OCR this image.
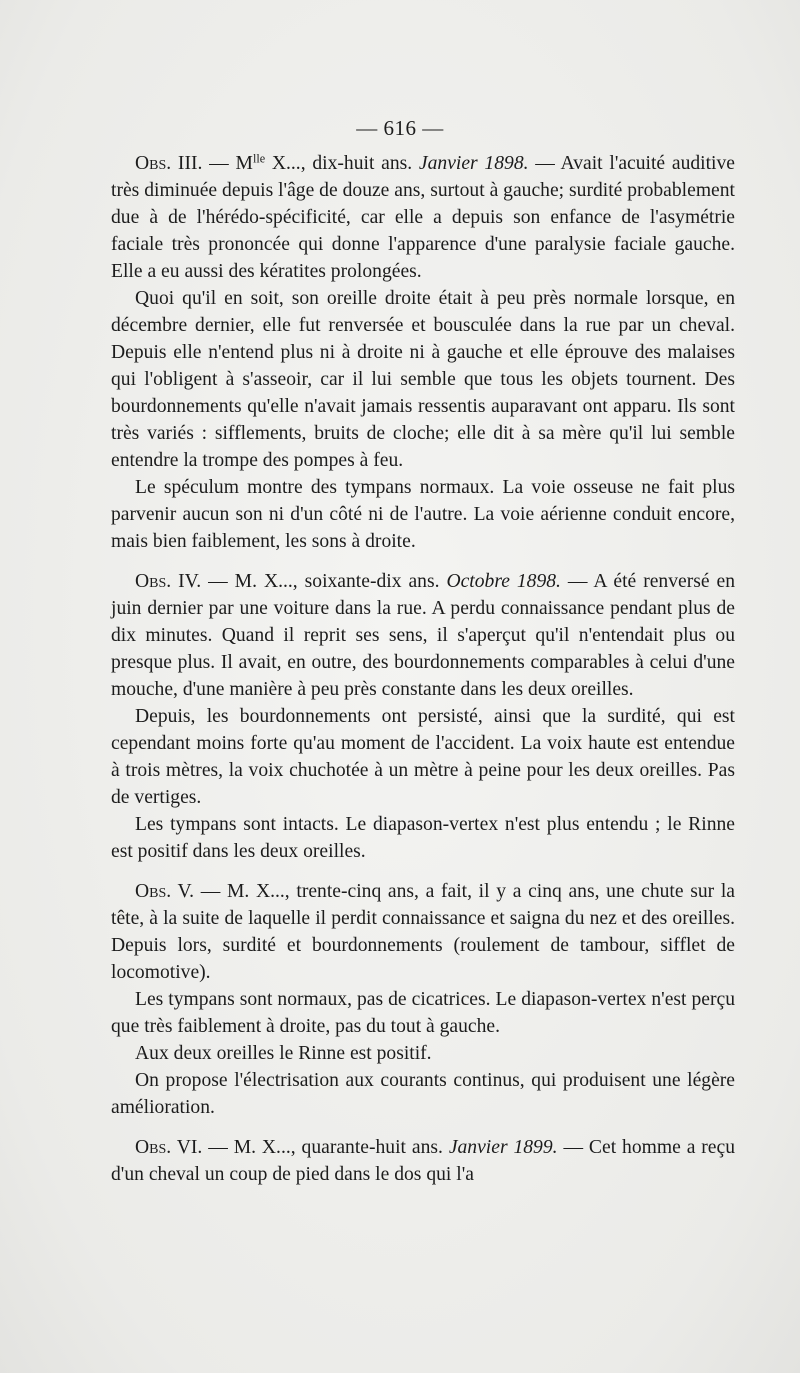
— 616 —

Obs. III. — $M^{lle}$ X..., dix-huit ans. Janvier 1898. — Avait l'acuité auditive très diminuée depuis l'âge de douze ans, surtout à gauche; surdité probablement due à de l'hérédo-spécificité, car elle a depuis son enfance de l'asymétrie faciale très prononcée qui donne l'apparence d'une paralysie faciale gauche. Elle a eu aussi des kératites prolongées.

Quoi qu'il en soit, son oreille droite était à peu près normale lorsque, en décembre dernier, elle fut renversée et bousculée dans la rue par un cheval. Depuis elle n'entend plus ni à droite ni à gauche et elle éprouve des malaises qui l'obligent à s'asseoir, car il lui semble que tous les objets tournent. Des bourdonnements qu'elle n'avait jamais ressentis auparavant ont apparu. Ils sont très variés : sifflements, bruits de cloche; elle dit à sa mère qu'il lui semble entendre la trompe des pompes à feu.

Le spéculum montre des tympans normaux. La voie osseuse ne fait plus parvenir aucun son ni d'un côté ni de l'autre. La voie aérienne conduit encore, mais bien faiblement, les sons à droite.

Obs. IV. — M. X..., soixante-dix ans. Octobre 1898. — A été renversé en juin dernier par une voiture dans la rue. A perdu connaissance pendant plus de dix minutes. Quand il reprit ses sens, il s'aperçut qu'il n'entendait plus ou presque plus. Il avait, en outre, des bourdonnements comparables à celui d'une mouche, d'une manière à peu près constante dans les deux oreilles.

Depuis, les bourdonnements ont persisté, ainsi que la surdité, qui est cependant moins forte qu'au moment de l'accident. La voix haute est entendue à trois mètres, la voix chuchotée à un mètre à peine pour les deux oreilles. Pas de vertiges.

Les tympans sont intacts. Le diapason-vertex n'est plus entendu ; le Rinne est positif dans les deux oreilles.

Obs. V. — M. X..., trente-cinq ans, a fait, il y a cinq ans, une chute sur la tête, à la suite de laquelle il perdit connaissance et saigna du nez et des oreilles. Depuis lors, surdité et bourdonnements (roulement de tambour, sifflet de locomotive).

Les tympans sont normaux, pas de cicatrices. Le diapason-vertex n'est perçu que très faiblement à droite, pas du tout à gauche.

Aux deux oreilles le Rinne est positif.

On propose l'électrisation aux courants continus, qui produisent une légère amélioration.

Obs. VI. — M. X..., quarante-huit ans. Janvier 1899. — Cet homme a reçu d'un cheval un coup de pied dans le dos qui l'a
